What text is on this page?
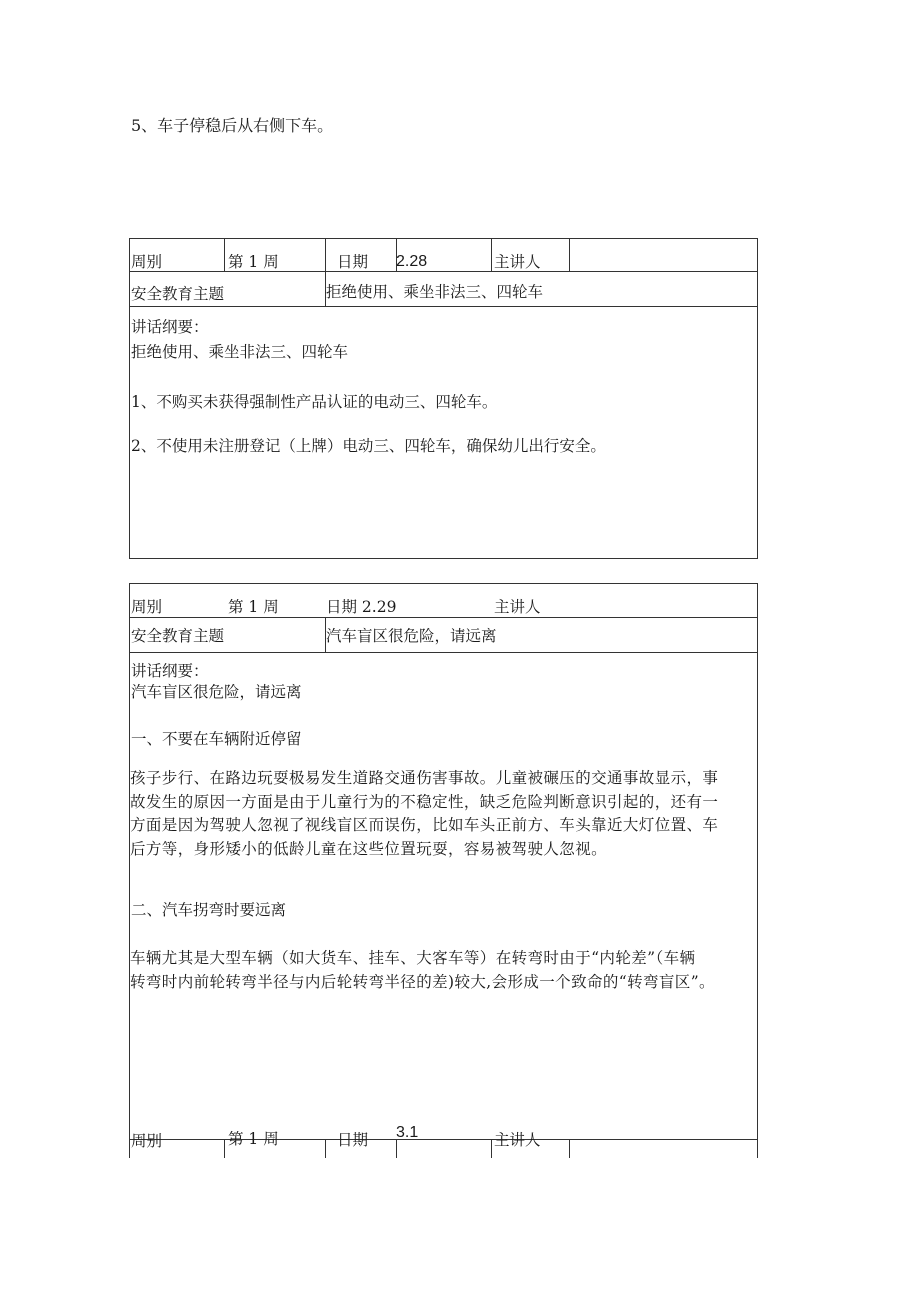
5、车子停稳后从右侧下车。
周别	第 1 周	日期 2.28	主讲人
安全教育主题	拒绝使用、乘坐非法三、四轮车
讲话纲要：
拒绝使用、乘坐非法三、四轮车
1、不购买未获得强制性产品认证的电动三、四轮车。
2、不使用未注册登记（上牌）电动三、四轮车，确保幼儿出行安全。
周别	第 1 周	日期 2.29	主讲人
安全教育主题	汽车盲区很危险，请远离
讲话纲要：
汽车盲区很危险，请远离
一、不要在车辆附近停留
孩子步行、在路边玩耍极易发生道路交通伤害事故。儿童被碾压的交通事故显示，事
故发生的原因一方面是由于儿童行为的不稳定性，缺乏危险判断意识引起的，还有一
方面是因为驾驶人忽视了视线盲区而误伤，比如车头正前方、车头靠近大灯位置、车
后方等，身形矮小的低龄儿童在这些位置玩耍，容易被驾驶人忽视。
二、汽车拐弯时要远离
车辆尤其是大型车辆（如大货车、挂车、大客车等）在转弯时由于“内轮差”（车辆
转弯时内前轮转弯半径与内后轮转弯半径的差)较大,会形成一个致命的“转弯盲区”。
周别	第 1 周	日期 3.1	主讲人
